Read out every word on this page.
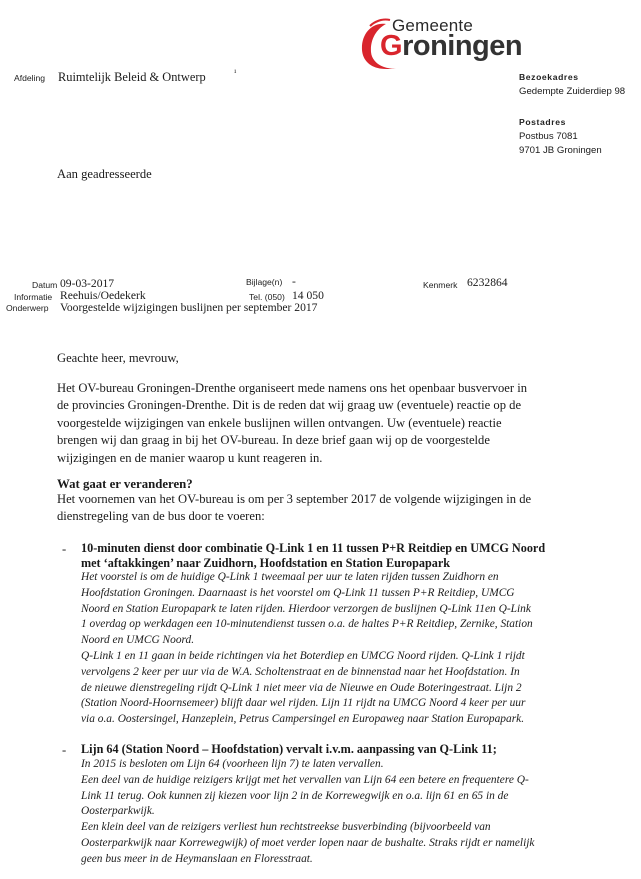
Gemeente
Groningen
Afdeling Ruimtelijk Beleid & Ontwerp	¹	Bezoekadres
Gedempte Zuiderdiep 98
Postadres
Postbus 7081
9701 JB Groningen
Aan geadresseerde
Datum 09-03-2017	Bijlage(n) -	Kenmerk 6232864
Informatie Reehuis/Oedekerk	Tel. (050) 14 050
Onderwerp Voorgestelde wijzigingen buslijnen per september 2017
Geachte heer, mevrouw,
Het OV-bureau Groningen-Drenthe organiseert mede namens ons het openbaar busvervoer in
de provincies Groningen-Drenthe. Dit is de reden dat wij graag uw (eventuele) reactie op de
voorgestelde wijzigingen van enkele buslijnen willen ontvangen. Uw (eventuele) reactie
brengen wij dan graag in bij het OV-bureau. In deze brief gaan wij op de voorgestelde
wijzigingen en de manier waarop u kunt reageren in.
Wat gaat er veranderen?
Het voornemen van het OV-bureau is om per 3 september 2017 de volgende wijzigingen in de
dienstregeling van de bus door te voeren:
- 10-minuten dienst door combinatie Q-Link 1 en 11 tussen P+R Reitdiep en UMCG Noord
met ‘aftakkingen’ naar Zuidhorn, Hoofdstation en Station Europapark
Het voorstel is om de huidige Q-Link 1 tweemaal per uur te laten rijden tussen Zuidhorn en
Hoofdstation Groningen. Daarnaast is het voorstel om Q-Link 11 tussen P+R Reitdiep, UMCG
Noord en Station Europapark te laten rijden. Hierdoor verzorgen de buslijnen Q-Link 11en Q-Link
1 overdag op werkdagen een 10-minutendienst tussen o.a. de haltes P+R Reitdiep, Zernike, Station
Noord en UMCG Noord.
Q-Link 1 en 11 gaan in beide richtingen via het Boterdiep en UMCG Noord rijden. Q-Link 1 rijdt
vervolgens 2 keer per uur via de W.A. Scholtenstraat en de binnenstad naar het Hoofdstation. In
de nieuwe dienstregeling rijdt Q-Link 1 niet meer via de Nieuwe en Oude Boteringestraat. Lijn 2
(Station Noord-Hoornsemeer) blijft daar wel rijden. Lijn 11 rijdt na UMCG Noord 4 keer per uur
via o.a. Oostersingel, Hanzeplein, Petrus Campersingel en Europaweg naar Station Europapark.
- Lijn 64 (Station Noord – Hoofdstation) vervalt i.v.m. aanpassing van Q-Link 11;
In 2015 is besloten om Lijn 64 (voorheen lijn 7) te laten vervallen.
Een deel van de huidige reizigers krijgt met het vervallen van Lijn 64 een betere en frequentere Q-
Link 11 terug. Ook kunnen zij kiezen voor lijn 2 in de Korrewegwijk en o.a. lijn 61 en 65 in de
Oosterparkwijk.
Een klein deel van de reizigers verliest hun rechtstreekse busverbinding (bijvoorbeeld van
Oosterparkwijk naar Korrewegwijk) of moet verder lopen naar de bushalte. Straks rijdt er namelijk
geen bus meer in de Heymanslaan en Floresstraat.
